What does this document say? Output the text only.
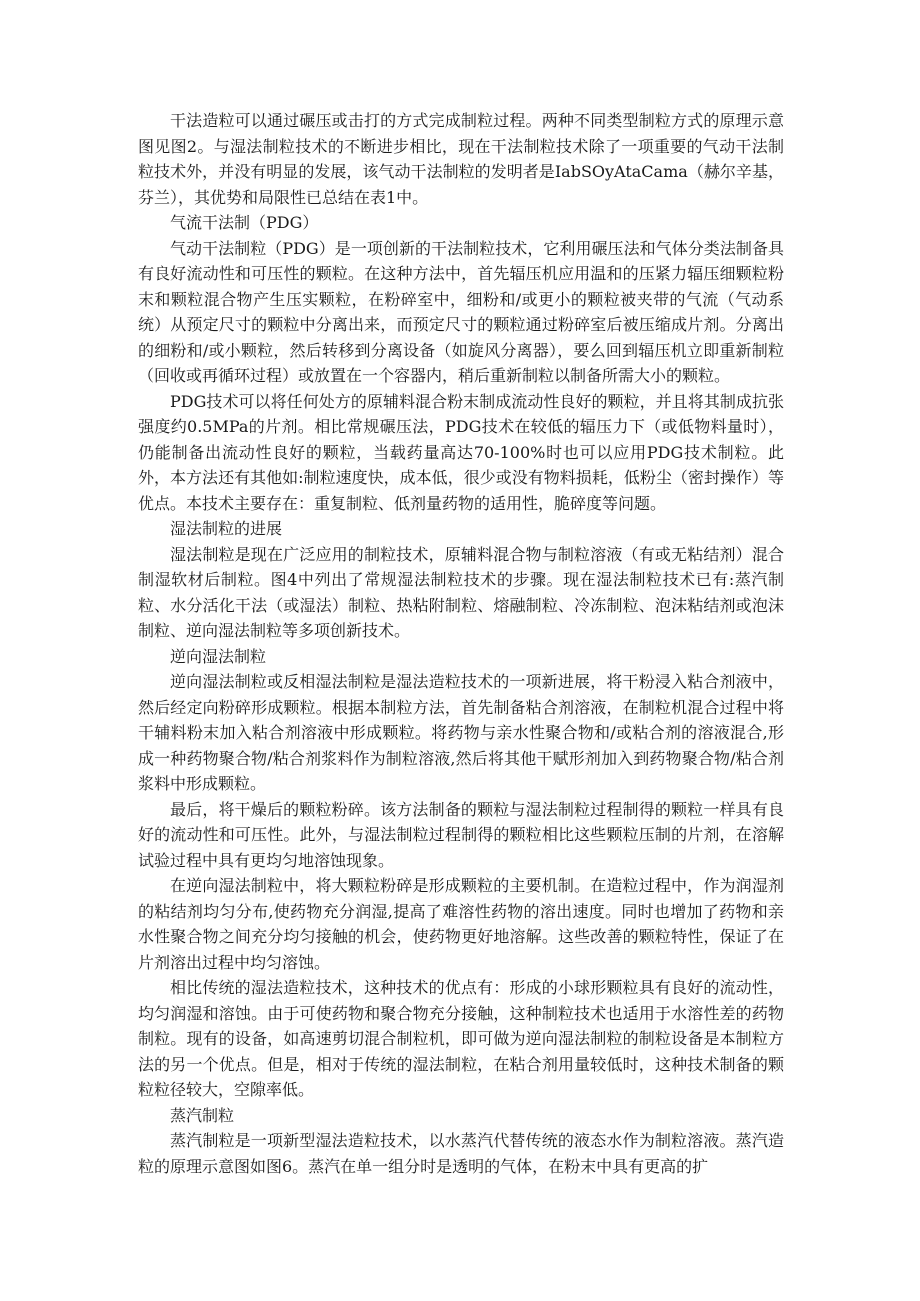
干法造粒可以通过碾压或击打的方式完成制粒过程。两种不同类型制粒方式的原理示意图见图2。与湿法制粒技术的不断进步相比，现在干法制粒技术除了一项重要的气动干法制粒技术外，并没有明显的发展，该气动干法制粒的发明者是IabSOyAtaCama（赫尔辛基，芬兰），其优势和局限性已总结在表1中。

气流干法制（PDG）

气动干法制粒（PDG）是一项创新的干法制粒技术，它利用碾压法和气体分类法制备具有良好流动性和可压性的颗粒。在这种方法中，首先辐压机应用温和的压紧力辐压细颗粒粉末和颗粒混合物产生压实颗粒，在粉碎室中，细粉和/或更小的颗粒被夹带的气流（气动系统）从预定尺寸的颗粒中分离出来，而预定尺寸的颗粒通过粉碎室后被压缩成片剂。分离出的细粉和/或小颗粒，然后转移到分离设备（如旋风分离器），要么回到辐压机立即重新制粒（回收或再循环过程）或放置在一个容器内，稍后重新制粒以制备所需大小的颗粒。

PDG技术可以将任何处方的原辅料混合粉末制成流动性良好的颗粒，并且将其制成抗张强度约0.5MPa的片剂。相比常规碾压法，PDG技术在较低的辐压力下（或低物料量时），仍能制备出流动性良好的颗粒，当载药量高达70-100%时也可以应用PDG技术制粒。此外，本方法还有其他如:制粒速度快，成本低，很少或没有物料损耗，低粉尘（密封操作）等优点。本技术主要存在：重复制粒、低剂量药物的适用性，脆碎度等问题。

湿法制粒的进展

湿法制粒是现在广泛应用的制粒技术，原辅料混合物与制粒溶液（有或无粘结剂）混合制湿软材后制粒。图4中列出了常规湿法制粒技术的步骤。现在湿法制粒技术已有:蒸汽制粒、水分活化干法（或湿法）制粒、热粘附制粒、熔融制粒、冷冻制粒、泡沫粘结剂或泡沫制粒、逆向湿法制粒等多项创新技术。

逆向湿法制粒

逆向湿法制粒或反相湿法制粒是湿法造粒技术的一项新进展，将干粉浸入粘合剂液中，然后经定向粉碎形成颗粒。根据本制粒方法，首先制备粘合剂溶液，在制粒机混合过程中将干辅料粉末加入粘合剂溶液中形成颗粒。将药物与亲水性聚合物和/或粘合剂的溶液混合,形成一种药物聚合物/粘合剂浆料作为制粒溶液,然后将其他干赋形剂加入到药物聚合物/粘合剂浆料中形成颗粒。

最后，将干燥后的颗粒粉碎。该方法制备的颗粒与湿法制粒过程制得的颗粒一样具有良好的流动性和可压性。此外，与湿法制粒过程制得的颗粒相比这些颗粒压制的片剂，在溶解试验过程中具有更均匀地溶蚀现象。

在逆向湿法制粒中，将大颗粒粉碎是形成颗粒的主要机制。在造粒过程中，作为润湿剂的粘结剂均匀分布,使药物充分润湿,提高了难溶性药物的溶出速度。同时也增加了药物和亲水性聚合物之间充分均匀接触的机会，使药物更好地溶解。这些改善的颗粒特性，保证了在片剂溶出过程中均匀溶蚀。

相比传统的湿法造粒技术，这种技术的优点有：形成的小球形颗粒具有良好的流动性，均匀润湿和溶蚀。由于可使药物和聚合物充分接触，这种制粒技术也适用于水溶性差的药物制粒。现有的设备，如高速剪切混合制粒机，即可做为逆向湿法制粒的制粒设备是本制粒方法的另一个优点。但是，相对于传统的湿法制粒，在粘合剂用量较低时，这种技术制备的颗粒粒径较大，空隙率低。

蒸汽制粒

蒸汽制粒是一项新型湿法造粒技术，以水蒸汽代替传统的液态水作为制粒溶液。蒸汽造粒的原理示意图如图6。蒸汽在单一组分时是透明的气体，在粉末中具有更高的扩
